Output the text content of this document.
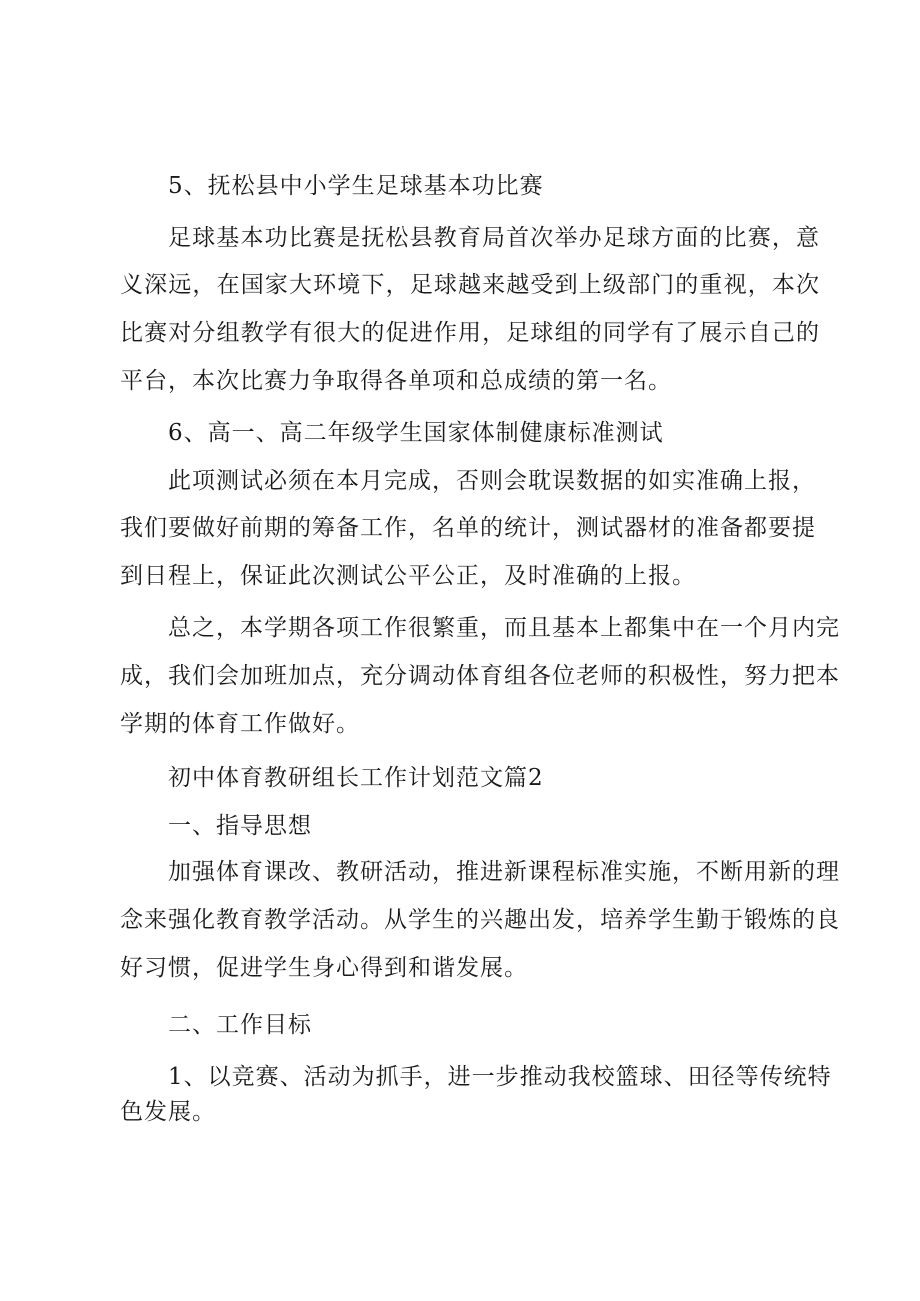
5、抚松县中小学生足球基本功比赛
足球基本功比赛是抚松县教育局首次举办足球方面的比赛，意
义深远，在国家大环境下，足球越来越受到上级部门的重视，本次
比赛对分组教学有很大的促进作用，足球组的同学有了展示自己的
平台，本次比赛力争取得各单项和总成绩的第一名。
6、高一、高二年级学生国家体制健康标准测试
此项测试必须在本月完成，否则会耽误数据的如实准确上报，
我们要做好前期的筹备工作，名单的统计，测试器材的准备都要提
到日程上，保证此次测试公平公正，及时准确的上报。
总之，本学期各项工作很繁重，而且基本上都集中在一个月内完
成，我们会加班加点，充分调动体育组各位老师的积极性，努力把本
学期的体育工作做好。
初中体育教研组长工作计划范文篇2
一、指导思想
加强体育课改、教研活动，推进新课程标准实施，不断用新的理
念来强化教育教学活动。从学生的兴趣出发，培养学生勤于锻炼的良
好习惯，促进学生身心得到和谐发展。
二、工作目标
1、以竞赛、活动为抓手，进一步推动我校篮球、田径等传统特
色发展。
